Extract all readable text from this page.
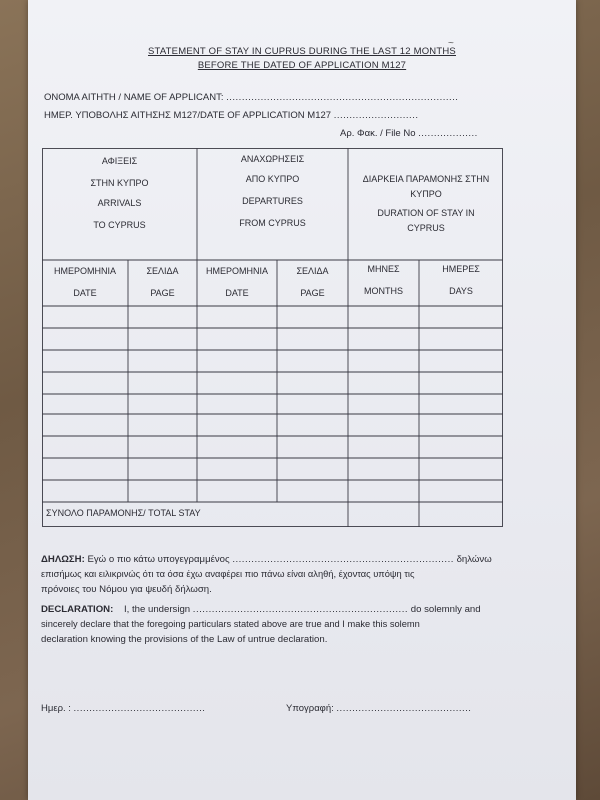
STATEMENT OF STAY IN CUPRUS DURING THE LAST 12 MONTHS
BEFORE THE DATED OF APPLICATION M127
~
ΟΝΟΜΑ ΑΙΤΗΤΗ / NAME OF APPLICANT: ..........................................................................
ΗΜΕΡ. ΥΠΟΒΟΛΗΣ ΑΙΤΗΣΗΣ M127/DATE OF APPLICATION M127 ...........................
Αρ. Φακ. / File No ...................
ΑΦΙΞΕΙΣ
ΣΤΗΝ ΚΥΠΡΟ
ARRIVALS
TO CYPRUS
ΑΝΑΧΩΡΗΣΕΙΣ
ΑΠΟ ΚΥΠΡΟ
DEPARTURES
FROM CYPRUS
ΔΙΑΡΚΕΙΑ ΠΑΡΑΜΟΝΗΣ ΣΤΗΝ ΚΥΠΡΟ
DURATION OF STAY IN CYPRUS
ΗΜΕΡΟΜΗΝΙΑ
DATE
ΣΕΛΙΔΑ
PAGE
ΗΜΕΡΟΜΗΝΙΑ
DATE
ΣΕΛΙΔΑ
PAGE
ΜΗΝΕΣ
MONTHS
ΗΜΕΡΕΣ
DAYS
ΣΥΝΟΛΟ ΠΑΡΑΜΟΝΗΣ/ TOTAL STAY
ΔΗΛΩΣΗ: Εγώ ο πιο κάτω υπογεγραμμένος ...................................................................... δηλώνω
επισήμως και ειλικρινώς ότι τα όσα έχω αναφέρει πιο πάνω είναι αληθή, έχοντας υπόψη τις
πρόνοιες του Νόμου για ψευδή δήλωση.
DECLARATION: I, the undersign .................................................................... do solemnly and
sincerely declare that the foregoing particulars stated above are true and I make this solemn
declaration knowing the provisions of the Law of untrue declaration.
Ημερ. : ..........................................	Υπογραφή: ...........................................
